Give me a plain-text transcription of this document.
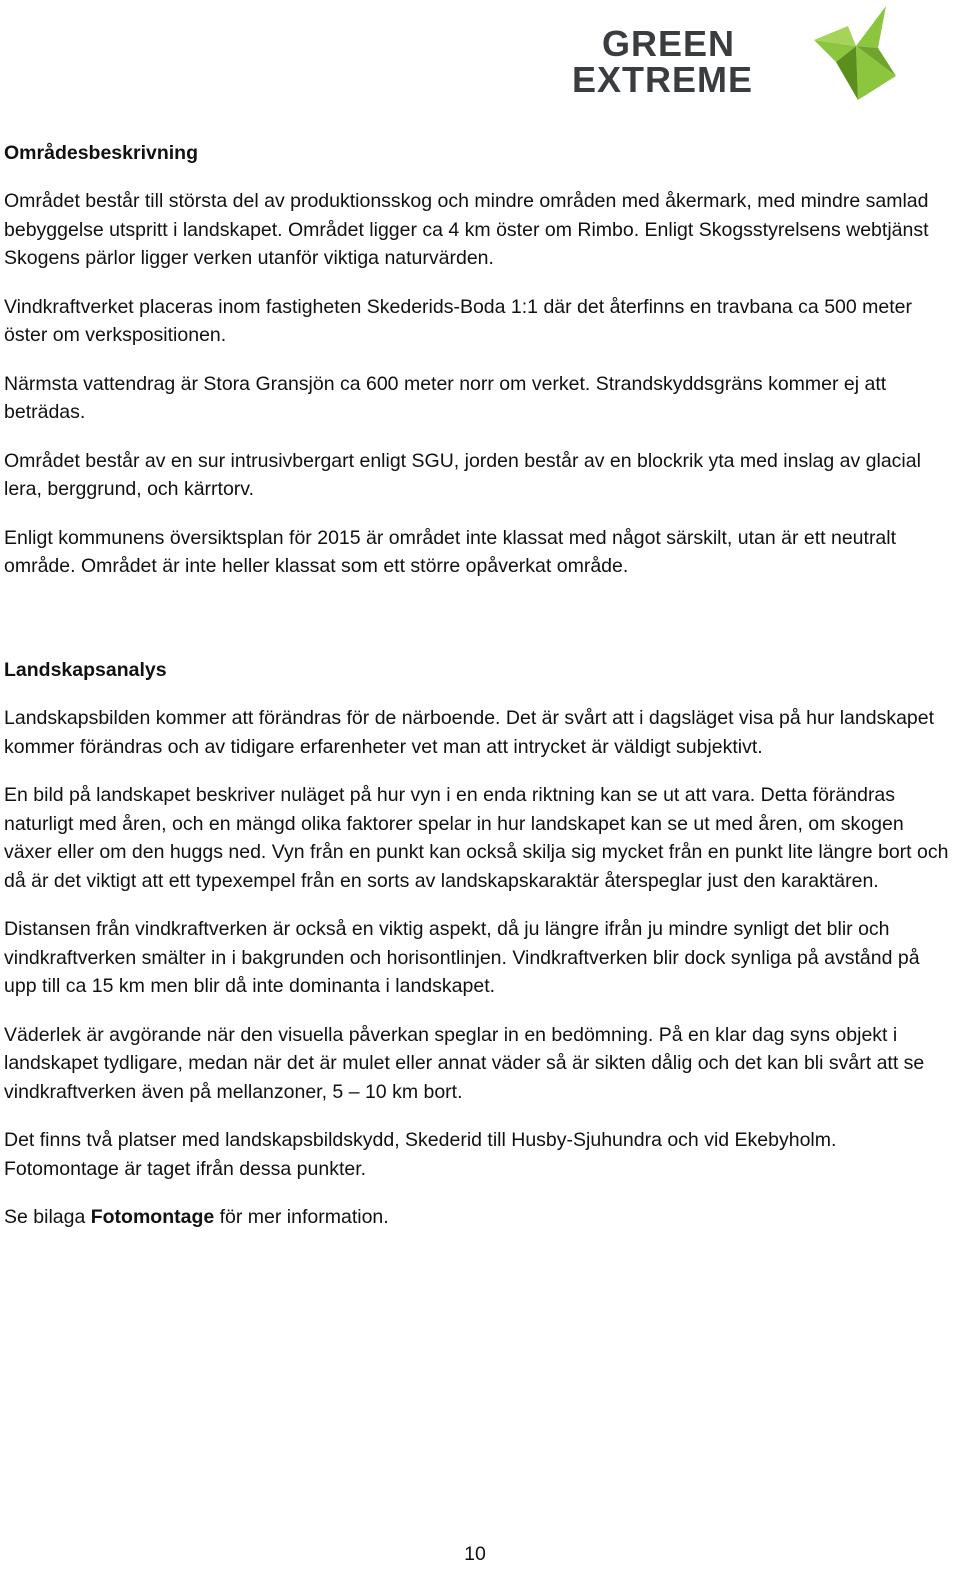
GREEN
EXTREME
Områdesbeskrivning

Området består till största del av produktionsskog och mindre områden med åkermark, med mindre samlad bebyggelse utspritt i landskapet. Området ligger ca 4 km öster om Rimbo. Enligt Skogsstyrelsens webtjänst Skogens pärlor ligger verken utanför viktiga naturvärden.

Vindkraftverket placeras inom fastigheten Skederids-Boda 1:1 där det återfinns en travbana ca 500 meter öster om verkspositionen.

Närmsta vattendrag är Stora Gransjön ca 600 meter norr om verket. Strandskyddsgräns kommer ej att beträdas.

Området består av en sur intrusivbergart enligt SGU, jorden består av en blockrik yta med inslag av glacial lera, berggrund, och kärrtorv.

Enligt kommunens översiktsplan för 2015 är området inte klassat med något särskilt, utan är ett neutralt område. Området är inte heller klassat som ett större opåverkat område.

Landskapsanalys

Landskapsbilden kommer att förändras för de närboende. Det är svårt att i dagsläget visa på hur landskapet kommer förändras och av tidigare erfarenheter vet man att intrycket är väldigt subjektivt.

En bild på landskapet beskriver nuläget på hur vyn i en enda riktning kan se ut att vara. Detta förändras naturligt med åren, och en mängd olika faktorer spelar in hur landskapet kan se ut med åren, om skogen växer eller om den huggs ned. Vyn från en punkt kan också skilja sig mycket från en punkt lite längre bort och då är det viktigt att ett typexempel från en sorts av landskapskaraktär återspeglar just den karaktären.

Distansen från vindkraftverken är också en viktig aspekt, då ju längre ifrån ju mindre synligt det blir och vindkraftverken smälter in i bakgrunden och horisontlinjen. Vindkraftverken blir dock synliga på avstånd på upp till ca 15 km men blir då inte dominanta i landskapet.

Väderlek är avgörande när den visuella påverkan speglar in en bedömning. På en klar dag syns objekt i landskapet tydligare, medan när det är mulet eller annat väder så är sikten dålig och det kan bli svårt att se vindkraftverken även på mellanzoner, 5 – 10 km bort.

Det finns två platser med landskapsbildskydd, Skederid till Husby-Sjuhundra och vid Ekebyholm. Fotomontage är taget ifrån dessa punkter.

Se bilaga Fotomontage för mer information.

10
